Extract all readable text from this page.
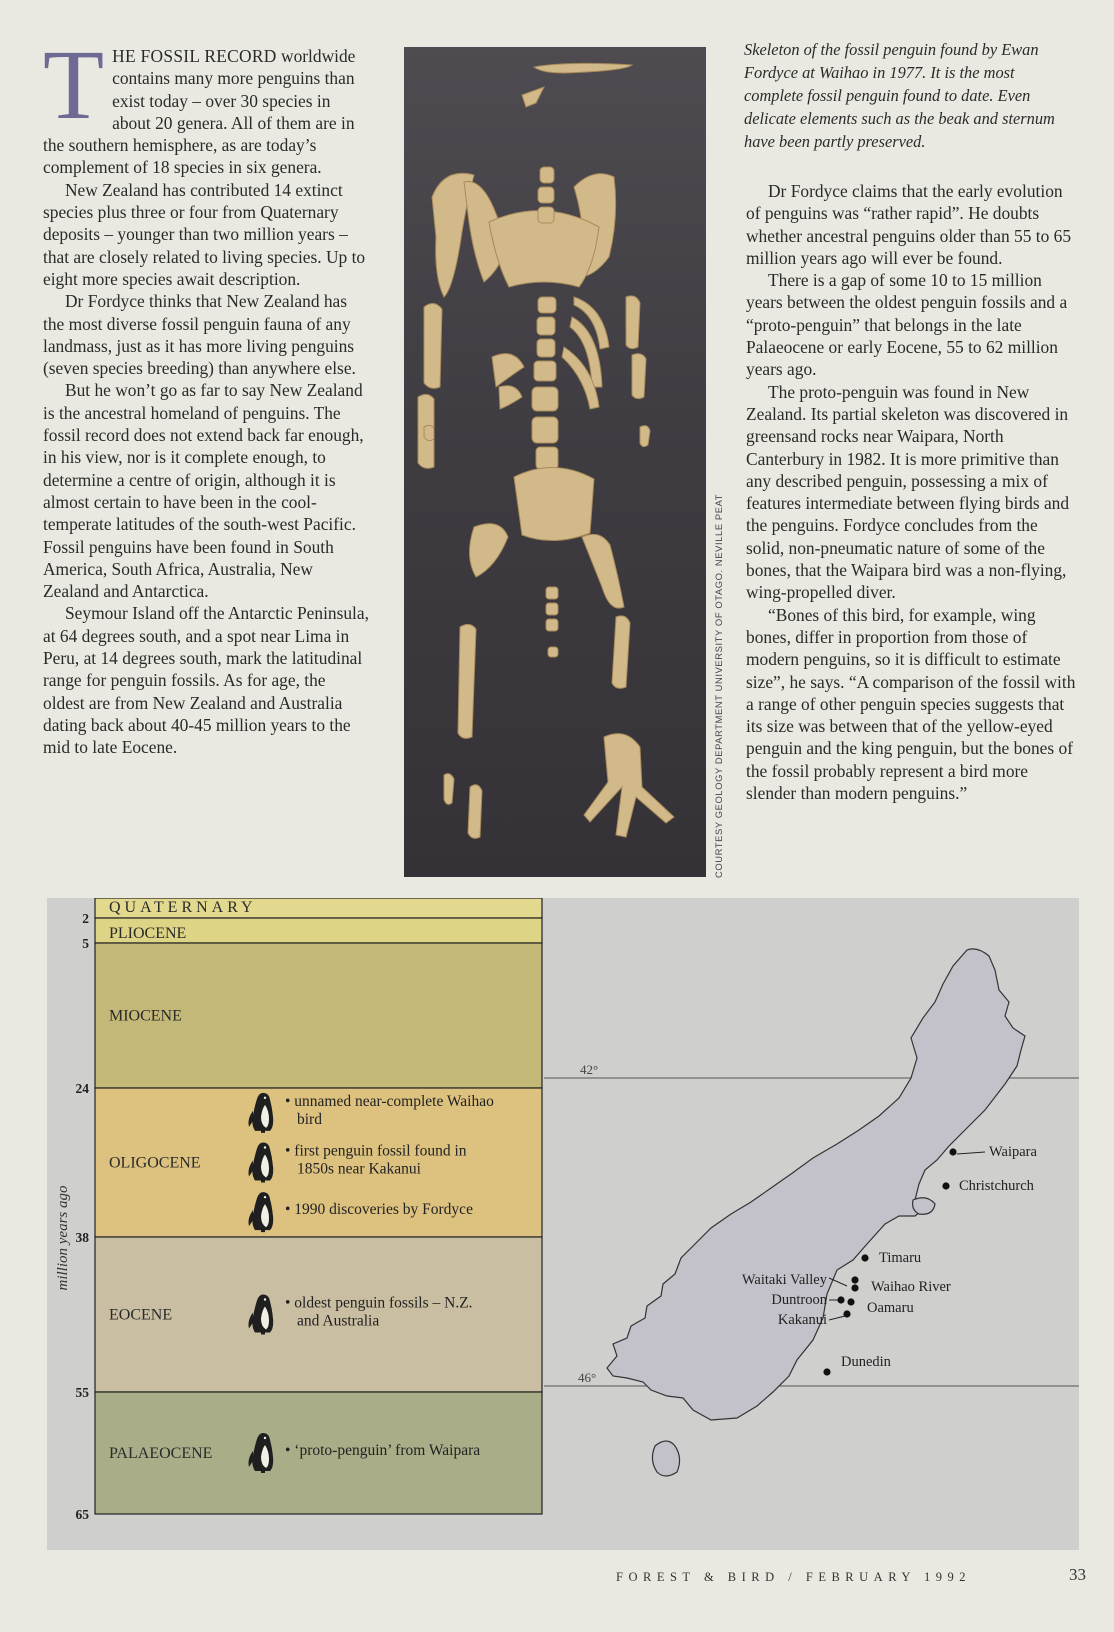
THE FOSSIL RECORD worldwide contains many more penguins than exist today – over 30 species in about 20 genera. All of them are in the southern hemisphere, as are today’s complement of 18 species in six genera.

New Zealand has contributed 14 extinct species plus three or four from Quaternary deposits – younger than two million years – that are closely related to living species. Up to eight more species await description.

Dr Fordyce thinks that New Zealand has the most diverse fossil penguin fauna of any landmass, just as it has more living penguins (seven species breeding) than anywhere else.

But he won’t go as far to say New Zealand is the ancestral homeland of penguins. The fossil record does not extend back far enough, in his view, nor is it complete enough, to determine a centre of origin, although it is almost certain to have been in the cool-temperate latitudes of the south-west Pacific. Fossil penguins have been found in South America, South Africa, Australia, New Zealand and Antarctica.

Seymour Island off the Antarctic Peninsula, at 64 degrees south, and a spot near Lima in Peru, at 14 degrees south, mark the latitudinal range for penguin fossils. As for age, the oldest are from New Zealand and Australia dating back about 40-45 million years to the mid to late Eocene.	COURTESY GEOLOGY DEPARTMENT UNIVERSITY OF OTAGO. NEVILLE PEAT
Skeleton of the fossil penguin found by Ewan Fordyce at Waihao in 1977. It is the most complete fossil penguin found to date. Even delicate elements such as the beak and sternum have been partly preserved.

Dr Fordyce claims that the early evolution of penguins was “rather rapid”. He doubts whether ancestral penguins older than 55 to 65 million years ago will ever be found.

There is a gap of some 10 to 15 million years between the oldest penguin fossils and a “proto-penguin” that belongs in the late Palaeocene or early Eocene, 55 to 62 million years ago.

The proto-penguin was found in New Zealand. Its partial skeleton was discovered in greensand rocks near Waipara, North Canterbury in 1982. It is more primitive than any described penguin, possessing a mix of features intermediate between flying birds and the penguins. Fordyce concludes from the solid, non-pneumatic nature of some of the bones, that the Waipara bird was a non-flying, wing-propelled diver.

“Bones of this bird, for example, wing bones, differ in proportion from those of modern penguins, so it is difficult to estimate size”, he says. “A comparison of the fossil with a range of other penguin species suggests that its size was between that of the yellow-eyed penguin and the king penguin, but the bones of the fossil probably represent a bird more slender than modern penguins.”

QUATERNARY
PLIOCENE
MIOCENE
OLIGOCENE
• unnamed near-complete Waihao bird
• first penguin fossil found in 1850s near Kakanui
• 1990 discoveries by Fordyce
EOCENE
• oldest penguin fossils – N.Z. and Australia
PALAEOCENE	• ‘proto-penguin’ from Waipara
2
5
24
38
55
65
million years ago
42°
46°
Waipara
Christchurch
Timaru
Waitaki Valley	Waihao River
Duntroon	Oamaru
Kakanui
Dunedin
FOREST & BIRD / FEBRUARY 1992	33
